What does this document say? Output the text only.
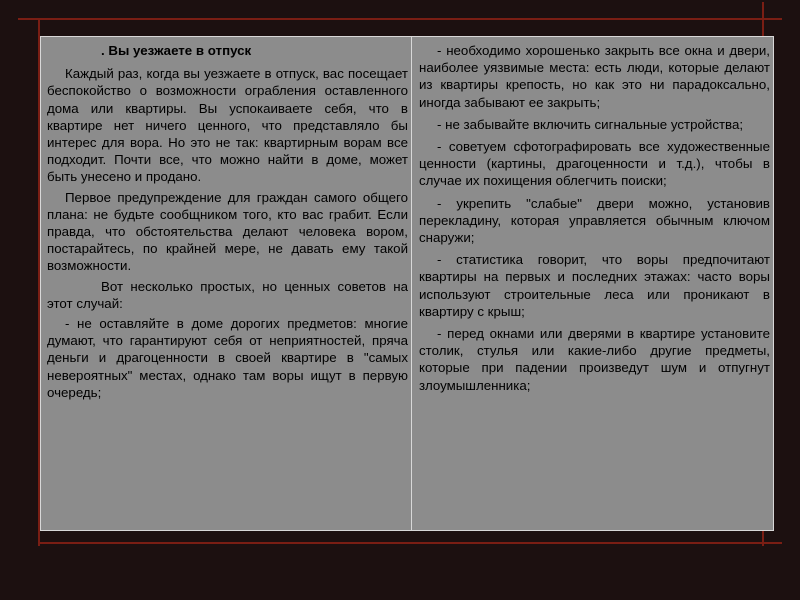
. Вы уезжаете в отпуск

Каждый раз, когда вы уезжаете в отпуск, вас посещает беспокойство о возможности ограбления оставленного дома или квартиры. Вы успокаиваете себя, что в квартире нет ничего ценного, что представляло бы интерес для вора. Но это не так: квартирным ворам все подходит. Почти все, что можно найти в доме, может быть унесено и продано.

Первое предупреждение для граждан самого общего плана: не будьте сообщником того, кто вас грабит. Если правда, что обстоятельства делают человека вором, постарайтесь, по крайней мере, не давать ему такой возможности.

Вот несколько простых, но ценных советов на этот случай:

- не оставляйте в доме дорогих предметов: многие думают, что гарантируют себя от неприятностей, пряча деньги и драгоценности в своей квартире в "самых невероятных" местах, однако там воры ищут в первую очередь;

- необходимо хорошенько закрыть все окна и двери, наиболее уязвимые места: есть люди, которые делают из квартиры крепость, но как это ни парадоксально, иногда забывают ее закрыть;

- не забывайте включить сигнальные устройства;

- советуем сфотографировать все художественные ценности (картины, драгоценности и т.д.), чтобы в случае их похищения облегчить поиски;

- укрепить "слабые" двери можно, установив перекладину, которая управляется обычным ключом снаружи;

- статистика говорит, что воры предпочитают квартиры на первых и последних этажах: часто воры используют строительные леса или проникают в квартиру с крыш;

- перед окнами или дверями в квартире установите столик, стулья или какие-либо другие предметы, которые при падении произведут шум и отпугнут злоумышленника;
